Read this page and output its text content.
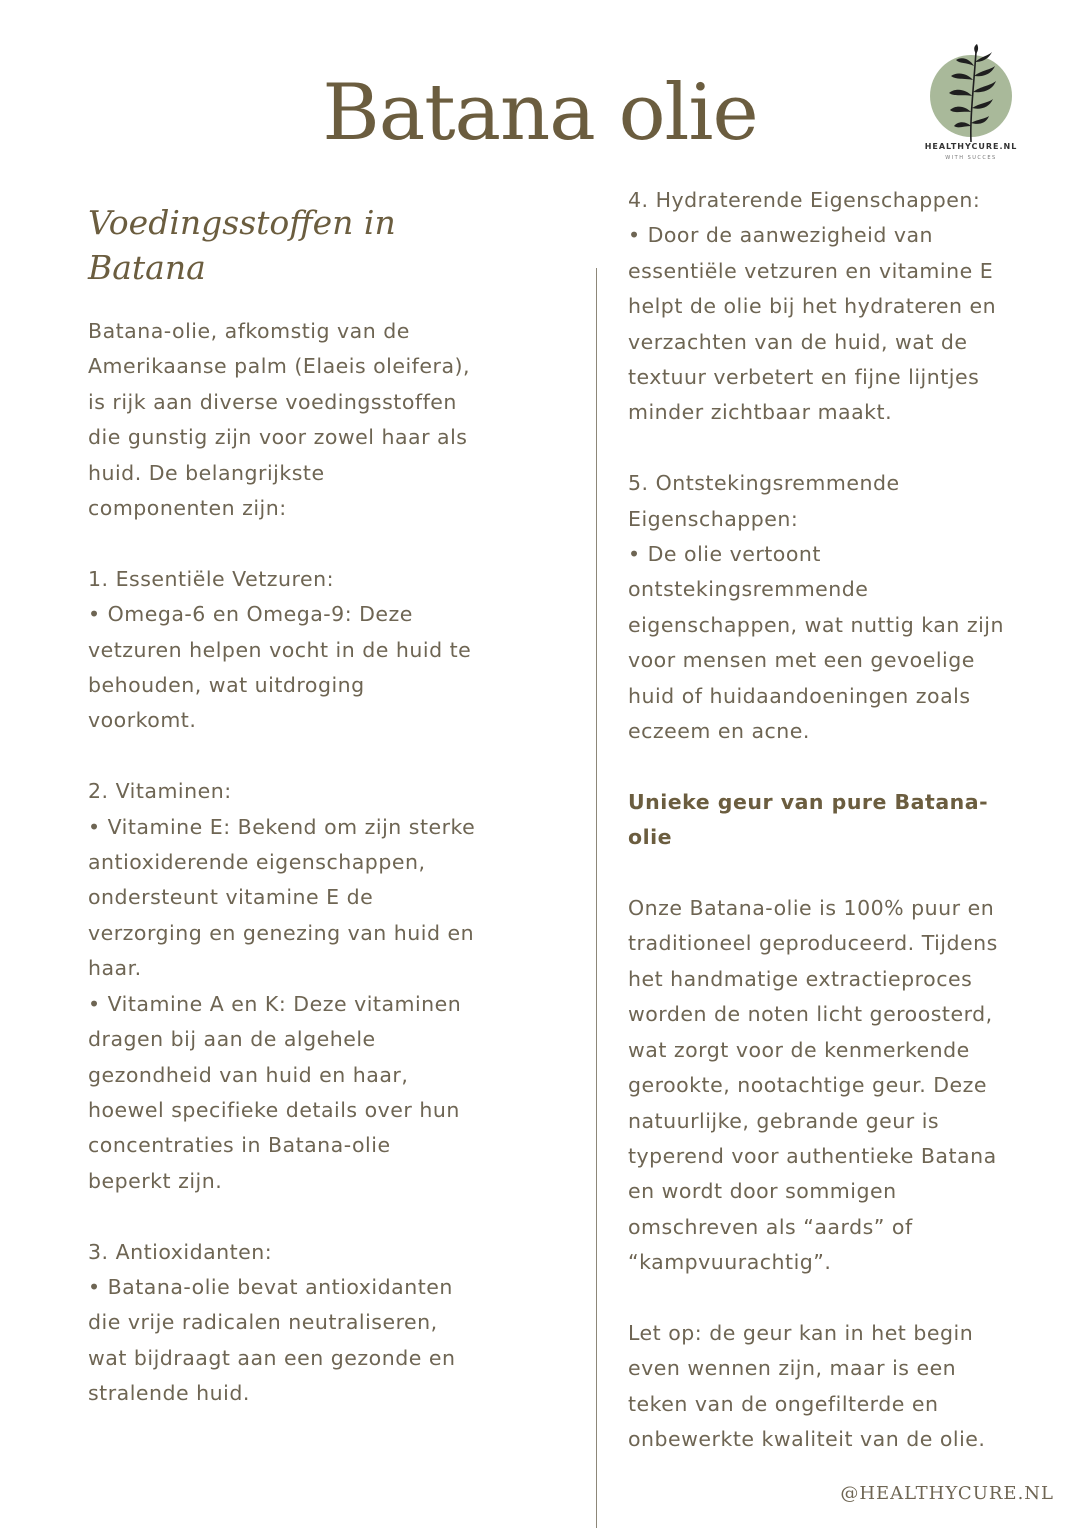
Batana olie	HEALTHYCURE.NL
WITH SUCCES
Voedingsstoffen in
Batana

Batana-olie, afkomstig van de
Amerikaanse palm (Elaeis oleifera),
is rijk aan diverse voedingsstoffen
die gunstig zijn voor zowel haar als
huid. De belangrijkste
componenten zijn:

1. Essentiële Vetzuren:
• Omega-6 en Omega-9: Deze
vetzuren helpen vocht in de huid te
behouden, wat uitdroging
voorkomt.

2. Vitaminen:
• Vitamine E: Bekend om zijn sterke
antioxiderende eigenschappen,
ondersteunt vitamine E de
verzorging en genezing van huid en
haar.
• Vitamine A en K: Deze vitaminen
dragen bij aan de algehele
gezondheid van huid en haar,
hoewel specifieke details over hun
concentraties in Batana-olie
beperkt zijn.

3. Antioxidanten:
• Batana-olie bevat antioxidanten
die vrije radicalen neutraliseren,
wat bijdraagt aan een gezonde en
stralende huid.

4. Hydraterende Eigenschappen:
• Door de aanwezigheid van
essentiële vetzuren en vitamine E
helpt de olie bij het hydrateren en
verzachten van de huid, wat de
textuur verbetert en fijne lijntjes
minder zichtbaar maakt.

5. Ontstekingsremmende
Eigenschappen:
• De olie vertoont
ontstekingsremmende
eigenschappen, wat nuttig kan zijn
voor mensen met een gevoelige
huid of huidaandoeningen zoals
eczeem en acne.

Unieke geur van pure Batana-
olie

Onze Batana-olie is 100% puur en
traditioneel geproduceerd. Tijdens
het handmatige extractieproces
worden de noten licht geroosterd,
wat zorgt voor de kenmerkende
gerookte, nootachtige geur. Deze
natuurlijke, gebrande geur is
typerend voor authentieke Batana
en wordt door sommigen
omschreven als “aards” of
“kampvuurachtig”.

Let op: de geur kan in het begin
even wennen zijn, maar is een
teken van de ongefilterde en
onbewerkte kwaliteit van de olie.

@HEALTHYCURE.NL
